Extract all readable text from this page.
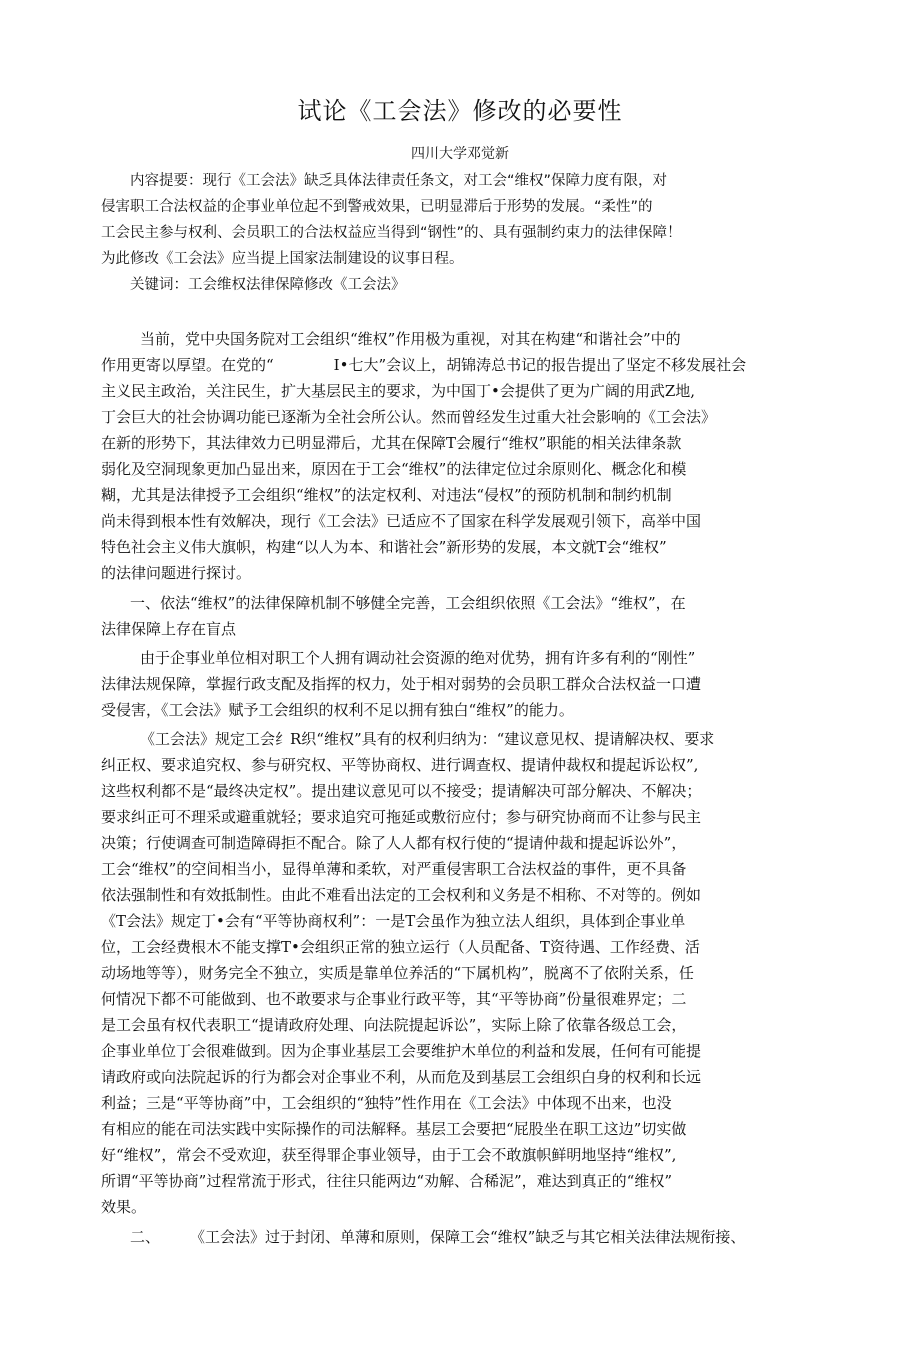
试论《工会法》修改的必要性
四川大学邓觉新
内容提要：现行《工会法》缺乏具体法律责任条文，对工会“维权”保障力度有限，对
侵害职工合法权益的企事业单位起不到警戒效果，已明显滞后于形势的发展。“柔性”的
工会民主参与权利、会员职工的合法权益应当得到“钢性”的、具有强制约束力的法律保障！
为此修改《工会法》应当提上国家法制建设的议事日程。
关键词：工会维权法律保障修改《工会法》
当前，党中央国务院对工会组织“维权”作用极为重视，对其在构建“和谐社会”中的
作用更寄以厚望。在党的“　　　　I•七大”会议上，胡锦涛总书记的报告提出了坚定不移发展社会
主义民主政治，关注民生，扩大基层民主的要求，为中国丁•会提供了更为广阔的用武Z地,
丁会巨大的社会协调功能已逐渐为全社会所公认。然而曾经发生过重大社会影响的《工会法》
在新的形势下，其法律效力已明显滞后，尤其在保障T会履行“维权”职能的相关法律条款
弱化及空洞现象更加凸显出来，原因在于工会“维权”的法律定位过余原则化、概念化和模
糊，尤其是法律授予工会组织“维权”的法定权利、对违法“侵权”的预防机制和制约机制
尚未得到根本性有效解决，现行《工会法》已适应不了国家在科学发展观引领下，高举中国
特色社会主义伟大旗帜，构建“以人为本、和谐社会”新形势的发展，本文就T会“维权”
的法律问题进行探讨。
一、依法“维权”的法律保障机制不够健全完善，工会组织依照《工会法》“维权”，在
法律保障上存在盲点
由于企事业单位相对职工个人拥有调动社会资源的绝对优势，拥有许多有利的“刚性”
法律法规保障，掌握行政支配及指挥的权力，处于相对弱势的会员职工群众合法权益一口遭
受侵害，《工会法》赋予工会组织的权利不足以拥有独白“维权”的能力。
《工会法》规定工会纟R织“维权”具有的权利归纳为：“建议意见权、提请解决权、要求
纠正权、要求追究权、参与研究权、平等协商权、进行调查权、提请仲裁权和提起诉讼权”,
这些权利都不是“最终决定权”。提出建议意见可以不接受；提请解决可部分解决、不解决；
要求纠正可不理采或避重就轻；要求追究可拖延或敷衍应付；参与研究协商而不让参与民主
决策；行使调查可制造障碍拒不配合。除了人人都有权行使的“提请仲裁和提起诉讼外”，
工会“维权”的空间相当小，显得单薄和柔软，对严重侵害职工合法权益的事件，更不具备
依法强制性和有效抵制性。由此不难看出法定的工会权利和义务是不相称、不对等的。例如
《T会法》规定丁•会有“平等协商权利”：一是T会虽作为独立法人组织，具体到企事业单
位，工会经费根木不能支撑T•会组织正常的独立运行（人员配备、T资待遇、工作经费、活
动场地等等），财务完全不独立，实质是靠单位养活的“下属机构”，脱离不了依附关系，任
何情况下都不可能做到、也不敢要求与企事业行政平等，其“平等协商”份量很难界定；二
是工会虽有权代表职工“提请政府处理、向法院提起诉讼”，实际上除了依靠各级总工会，
企事业单位丁会很难做到。因为企事业基层工会要维护木单位的利益和发展，任何有可能提
请政府或向法院起诉的行为都会对企事业不利，从而危及到基层工会组织白身的权利和长远
利益；三是“平等协商”中，工会组织的“独特”性作用在《工会法》中体现不出来，也没
有相应的能在司法实践中实际操作的司法解释。基层工会要把“屁股坐在职工这边”切实做
好“维权”，常会不受欢迎，获至得罪企事业领导，由于工会不敢旗帜鲜明地坚持“维权”,
所谓“平等协商”过程常流于形式，往往只能两边“劝解、合稀泥”，难达到真正的“维权”
效果。
二、　　　《工会法》过于封闭、单薄和原则，保障工会“维权”缺乏与其它相关法律法规衔接、
